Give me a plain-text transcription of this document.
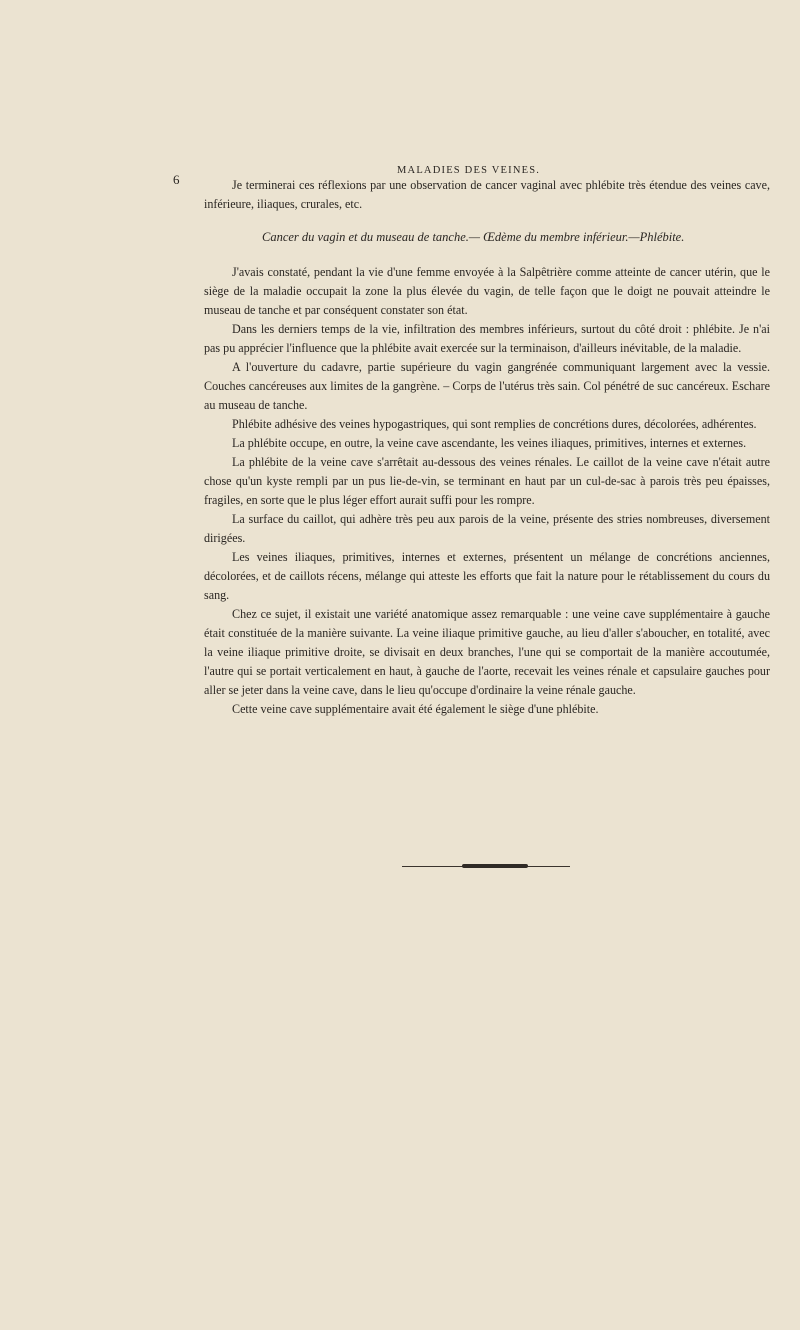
MALADIES DES VEINES.
6	Je terminerai ces réflexions par une observation de cancer vaginal avec phlébite très étendue des veines cave, inférieure, iliaques, crurales, etc.

Cancer du vagin et du museau de tanche.— Œdème du membre inférieur.—Phlébite.

J'avais constaté, pendant la vie d'une femme envoyée à la Salpêtrière comme atteinte de cancer utérin, que le siège de la maladie occupait la zone la plus élevée du vagin, de telle façon que le doigt ne pouvait atteindre le museau de tanche et par conséquent constater son état.

Dans les derniers temps de la vie, infiltration des membres inférieurs, surtout du côté droit : phlébite. Je n'ai pas pu apprécier l'influence que la phlébite avait exercée sur la terminaison, d'ailleurs inévitable, de la maladie.

A l'ouverture du cadavre, partie supérieure du vagin gangrénée communiquant largement avec la vessie. Couches cancéreuses aux limites de la gangrène. – Corps de l'utérus très sain. Col pénétré de suc cancéreux. Eschare au museau de tanche.

Phlébite adhésive des veines hypogastriques, qui sont remplies de concrétions dures, décolorées, adhérentes.

La phlébite occupe, en outre, la veine cave ascendante, les veines iliaques, primitives, internes et externes.

La phlébite de la veine cave s'arrêtait au-dessous des veines rénales. Le caillot de la veine cave n'était autre chose qu'un kyste rempli par un pus lie-de-vin, se terminant en haut par un cul-de-sac à parois très peu épaisses, fragiles, en sorte que le plus léger effort aurait suffi pour les rompre.

La surface du caillot, qui adhère très peu aux parois de la veine, présente des stries nombreuses, diversement dirigées.

Les veines iliaques, primitives, internes et externes, présentent un mélange de concrétions anciennes, décolorées, et de caillots récens, mélange qui atteste les efforts que fait la nature pour le rétablissement du cours du sang.

Chez ce sujet, il existait une variété anatomique assez remarquable : une veine cave supplémentaire à gauche était constituée de la manière suivante. La veine iliaque primitive gauche, au lieu d'aller s'aboucher, en totalité, avec la veine iliaque primitive droite, se divisait en deux branches, l'une qui se comportait de la manière accoutumée, l'autre qui se portait verticalement en haut, à gauche de l'aorte, recevait les veines rénale et capsulaire gauches pour aller se jeter dans la veine cave, dans le lieu qu'occupe d'ordinaire la veine rénale gauche.

Cette veine cave supplémentaire avait été également le siège d'une phlébite.
